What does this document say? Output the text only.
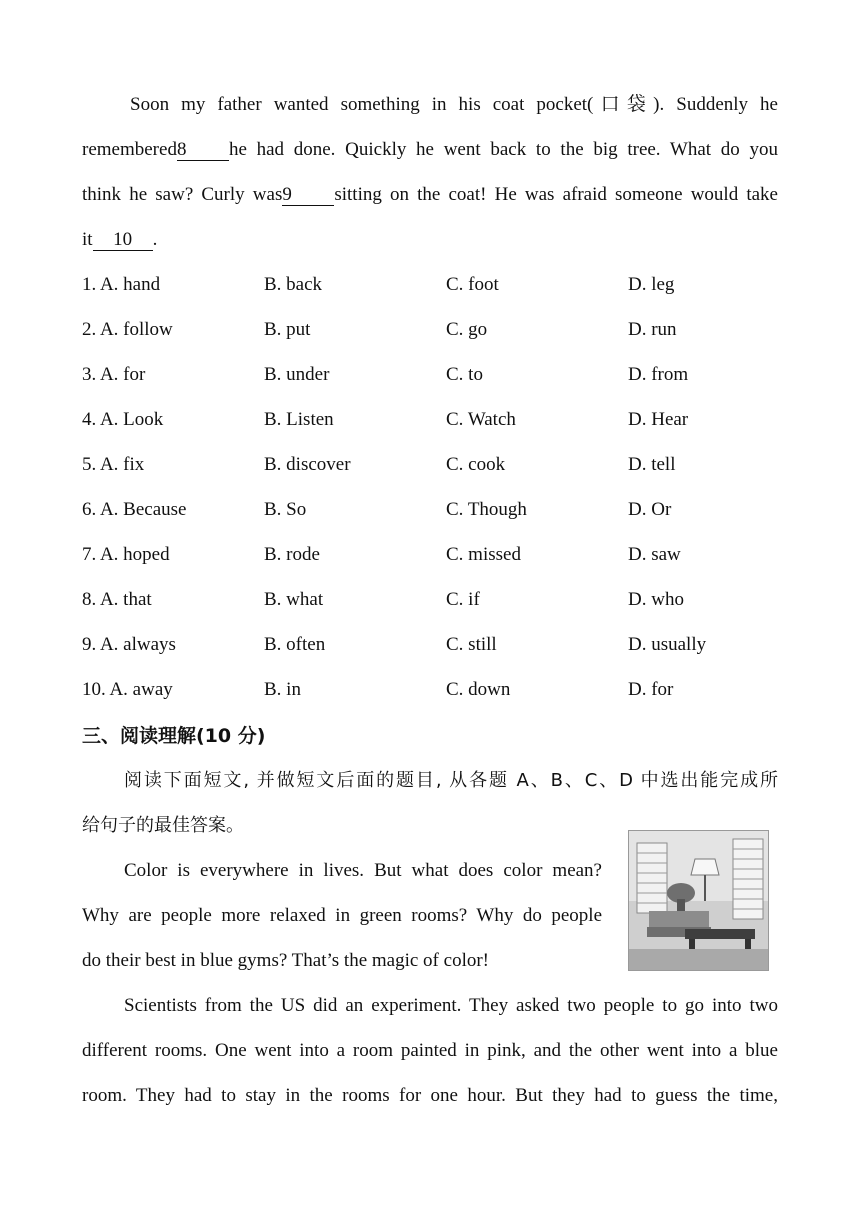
Soon my father wanted something in his coat pocket(口袋). Suddenly he
remembered8 he had done. Quickly he went back to the big tree. What do you
think he saw? Curly was9 sitting on the coat! He was afraid someone would take
it 10 .
1. A. hand	B. back	C. foot	D. leg
2. A. follow	B. put	C. go	D. run
3. A. for	B. under	C. to	D. from
4. A. Look	B. Listen	C. Watch	D. Hear
5. A. fix	B. discover	C. cook	D. tell
6. A. Because	B. So	C. Though	D. Or
7. A. hoped	B. rode	C. missed	D. saw
8. A. that	B. what	C. if	D. who
9. A. always	B. often	C. still	D. usually
10. A. away	B. in	C. down	D. for
三、阅读理解(10 分)
阅读下面短文, 并做短文后面的题目, 从各题 A、B、C、D 中选出能完成所
给句子的最佳答案。
Color is everywhere in lives. But what does color mean?
Why are people more relaxed in green rooms? Why do people
do their best in blue gyms? That’s the magic of color!
Scientists from the US did an experiment. They asked two people to go into two
different rooms. One went into a room painted in pink, and the other went into a blue
room. They had to stay in the rooms for one hour. But they had to guess the time,
